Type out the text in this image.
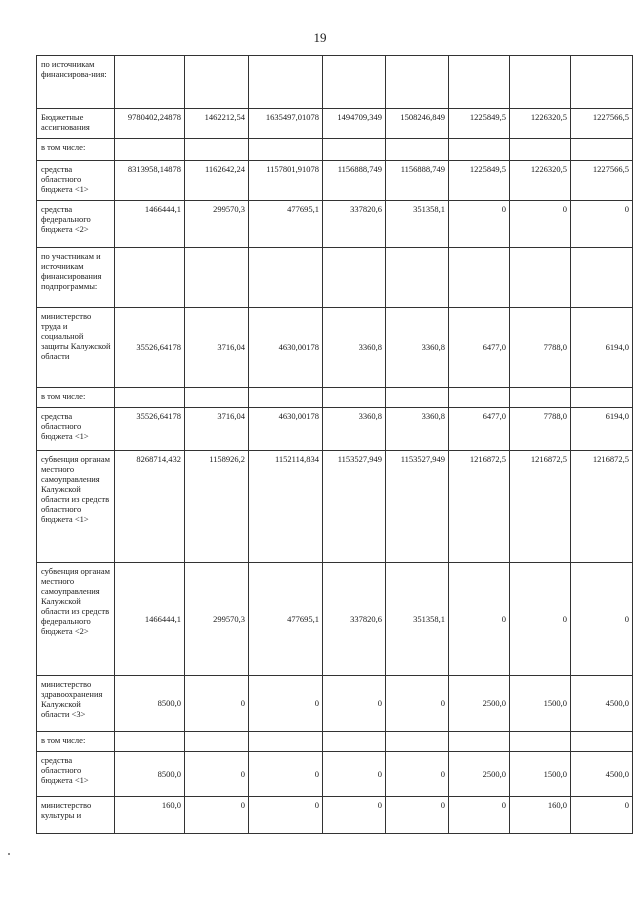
19
по источникам финансирова-ния:								
Бюджетные ассигнования	9780402,24878	1462212,54	1635497,01078	1494709,349	1508246,849	1225849,5	1226320,5	1227566,5
в том числе:								
средства областного бюджета <1>	8313958,14878	1162642,24	1157801,91078	1156888,749	1156888,749	1225849,5	1226320,5	1227566,5
средства федерального бюджета <2>	1466444,1	299570,3	477695,1	337820,6	351358,1	0	0	0
по участникам и источникам финансирования подпрограммы:								
министерство труда и социальной защиты Калужской области	35526,64178	3716,04	4630,00178	3360,8	3360,8	6477,0	7788,0	6194,0
в том числе:								
средства областного бюджета <1>	35526,64178	3716,04	4630,00178	3360,8	3360,8	6477,0	7788,0	6194,0
субвенция органам местного самоуправления Калужской области из средств областного бюджета <1>	8268714,432	1158926,2	1152114,834	1153527,949	1153527,949	1216872,5	1216872,5	1216872,5
субвенция органам местного самоуправления Калужской области из средств федерального бюджета <2>	1466444,1	299570,3	477695,1	337820,6	351358,1	0	0	0
министерство здравоохранения Калужской области <3>	8500,0	0	0	0	0	2500,0	1500,0	4500,0
в том числе:								
средства областного бюджета <1>	8500,0	0	0	0	0	2500,0	1500,0	4500,0
министерство культуры и	160,0	0	0	0	0	0	160,0	0
